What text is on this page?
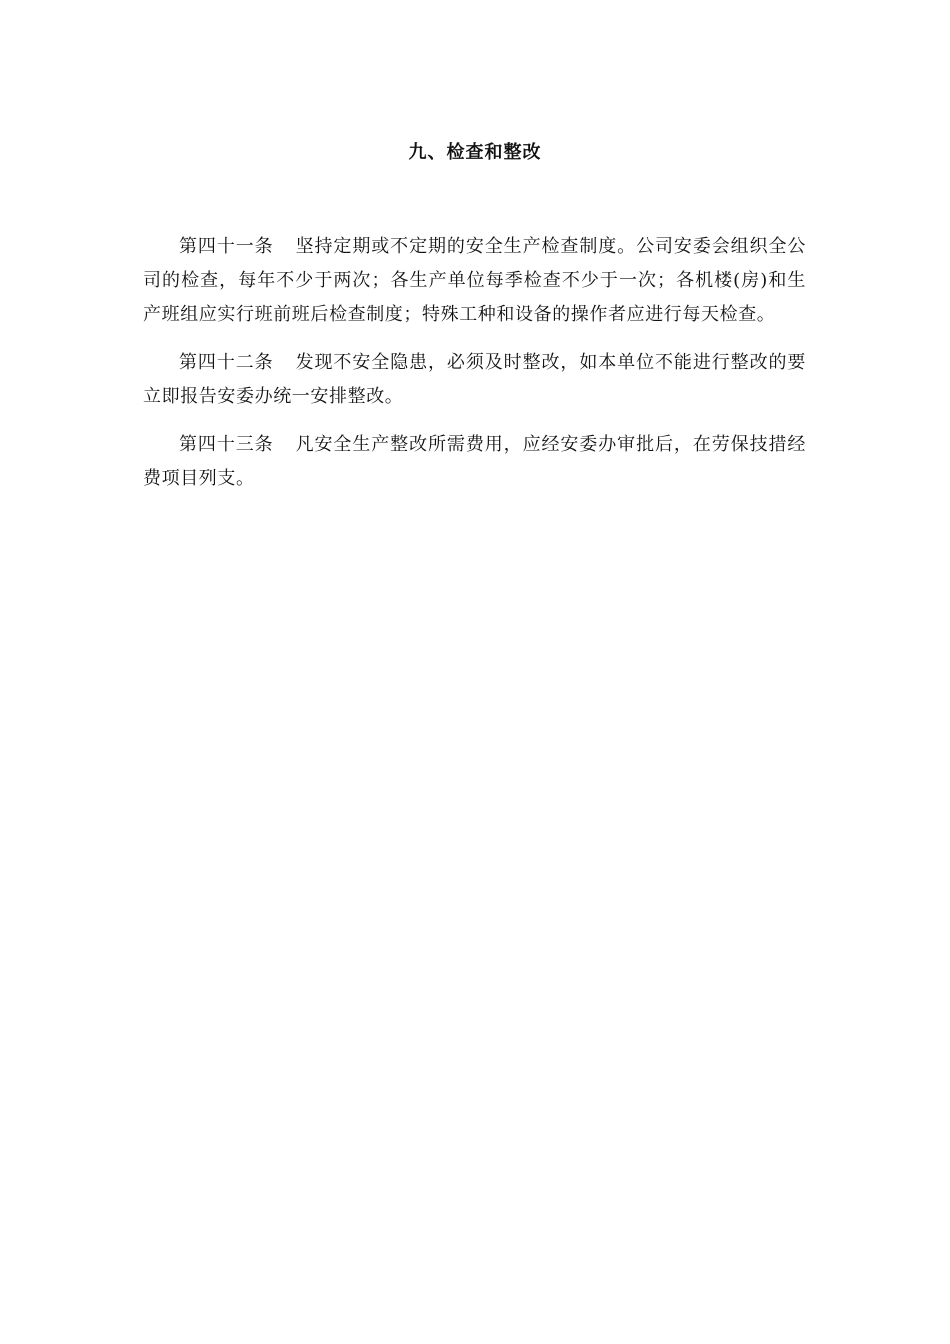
九、检查和整改

第四十一条 坚持定期或不定期的安全生产检查制度。公司安委会组织全公司的检查，每年不少于两次；各生产单位每季检查不少于一次；各机楼(房)和生产班组应实行班前班后检查制度；特殊工种和设备的操作者应进行每天检查。

第四十二条 发现不安全隐患，必须及时整改，如本单位不能进行整改的要立即报告安委办统一安排整改。

第四十三条 凡安全生产整改所需费用，应经安委办审批后，在劳保技措经费项目列支。
